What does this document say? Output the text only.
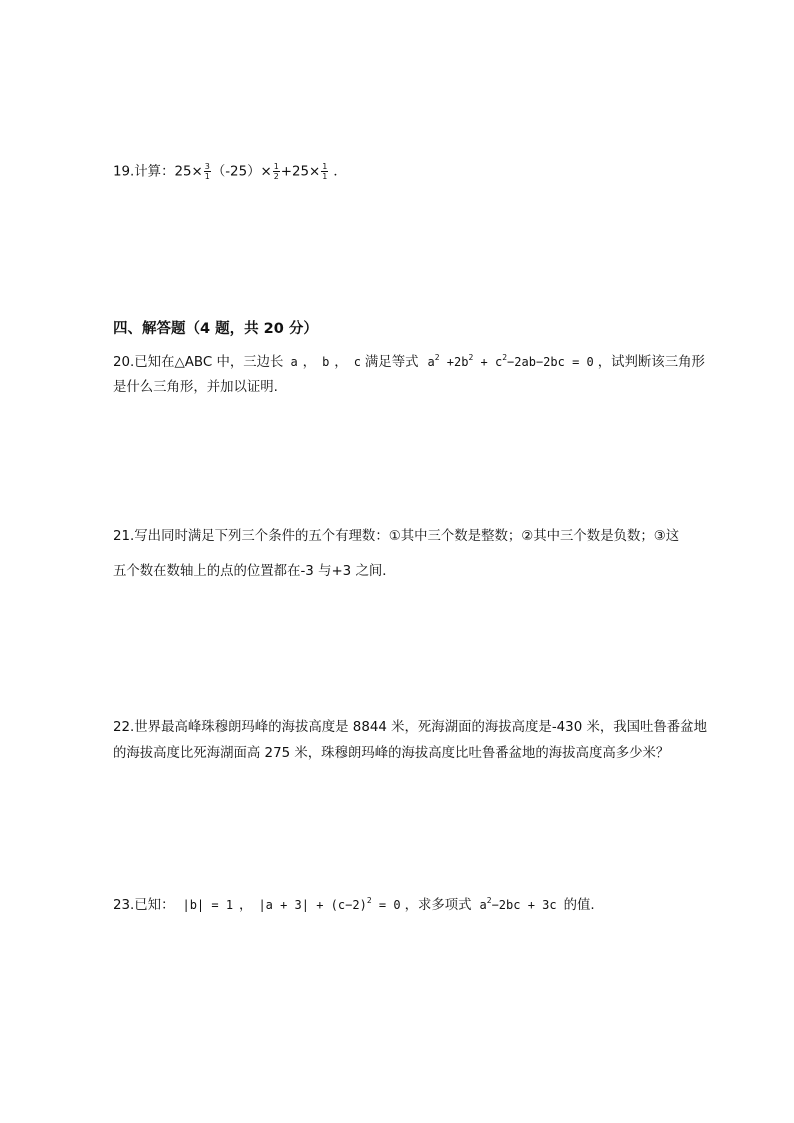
19.计算：$25\times \frac{3}{1} (-25)\times \frac{1}{2} +25\times \frac{1}{1}$ ．
四、解答题（4 题，共 20 分）
20.已知在△ABC 中，三边长 a ， b ， c 满足等式 $a^2 +2b^2 + c^2-2ab-2bc = 0$ ，试判断该三角形
是什么三角形，并加以证明.
21.写出同时满足下列三个条件的五个有理数：①其中三个数是整数；②其中三个数是负数；③这
五个数在数轴上的点的位置都在-3 与+3 之间．
22.世界最高峰珠穆朗玛峰的海拔高度是 8844 米，死海湖面的海拔高度是-430 米，我国吐鲁番盆地
的海拔高度比死海湖面高 275 米，珠穆朗玛峰的海拔高度比吐鲁番盆地的海拔高度高多少米？
23.已知： |b| = 1 ， $|a + 3| + (c-2)^2 = 0$ ，求多项式 $a^2-2bc + 3c$ 的值.
